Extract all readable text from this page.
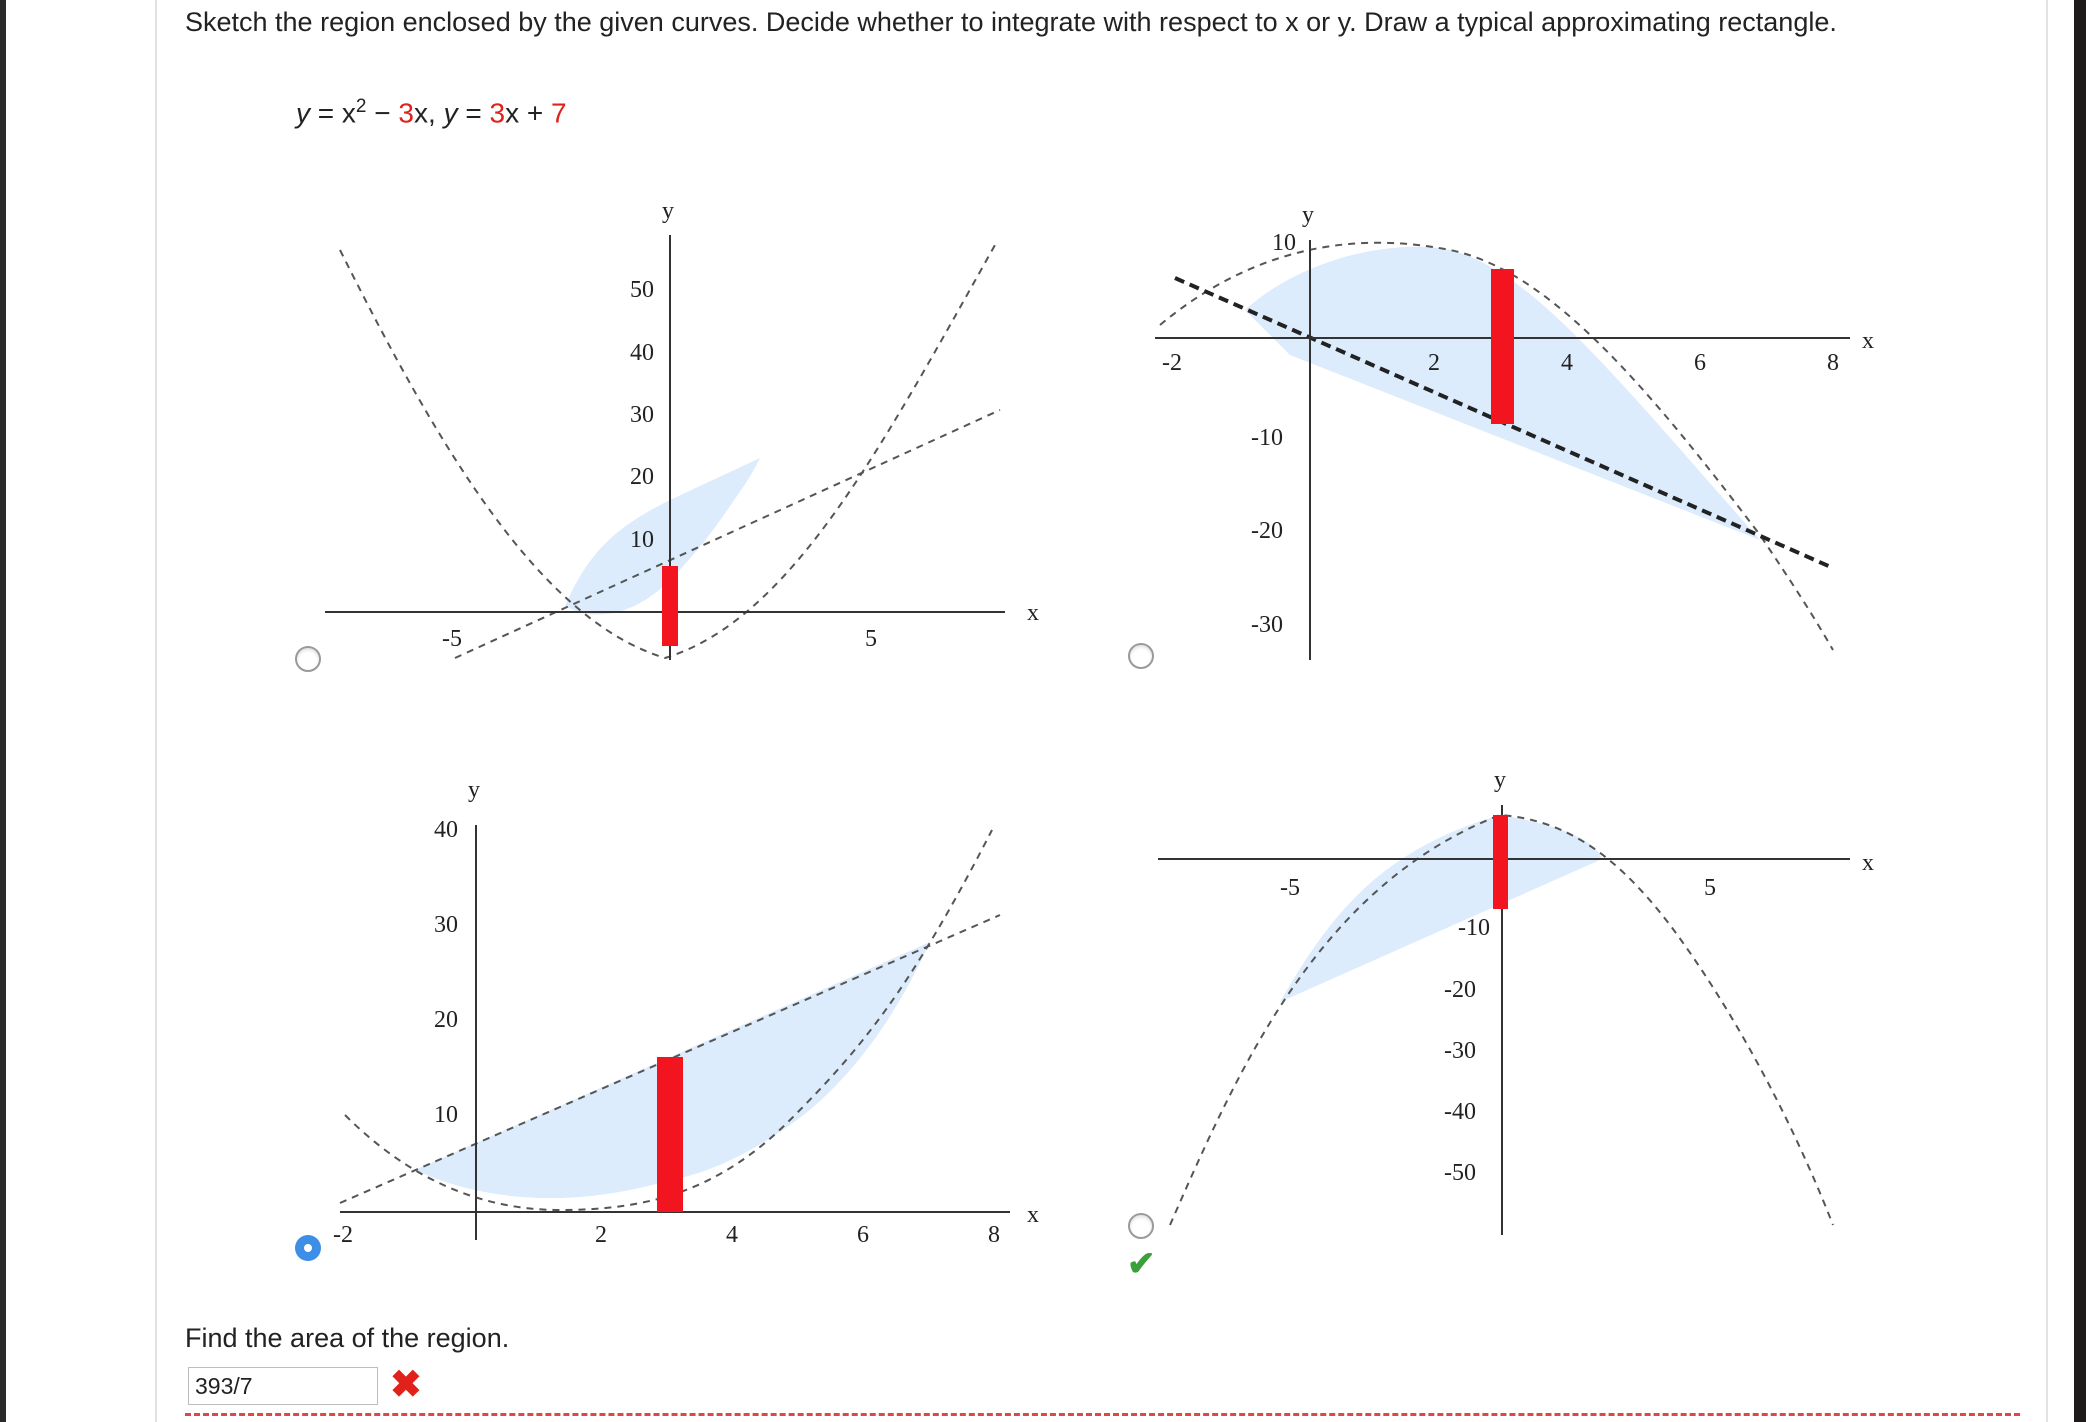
Sketch the region enclosed by the given curves. Decide whether to integrate with respect to x or y. Draw a typical approximating rectangle.
$y = x^2 - 3x$, y = 3x + 7
y
x
-5	5
50
40
30
20
10
y
x
-2	2	4	6	8
10
-10
-20
-30
y
x
-2	2	4	6	8
40
30
20
10
y
x
-5	5
-10
-20
-30
-40
-50
✔
Find the area of the region.
393/7
✖
